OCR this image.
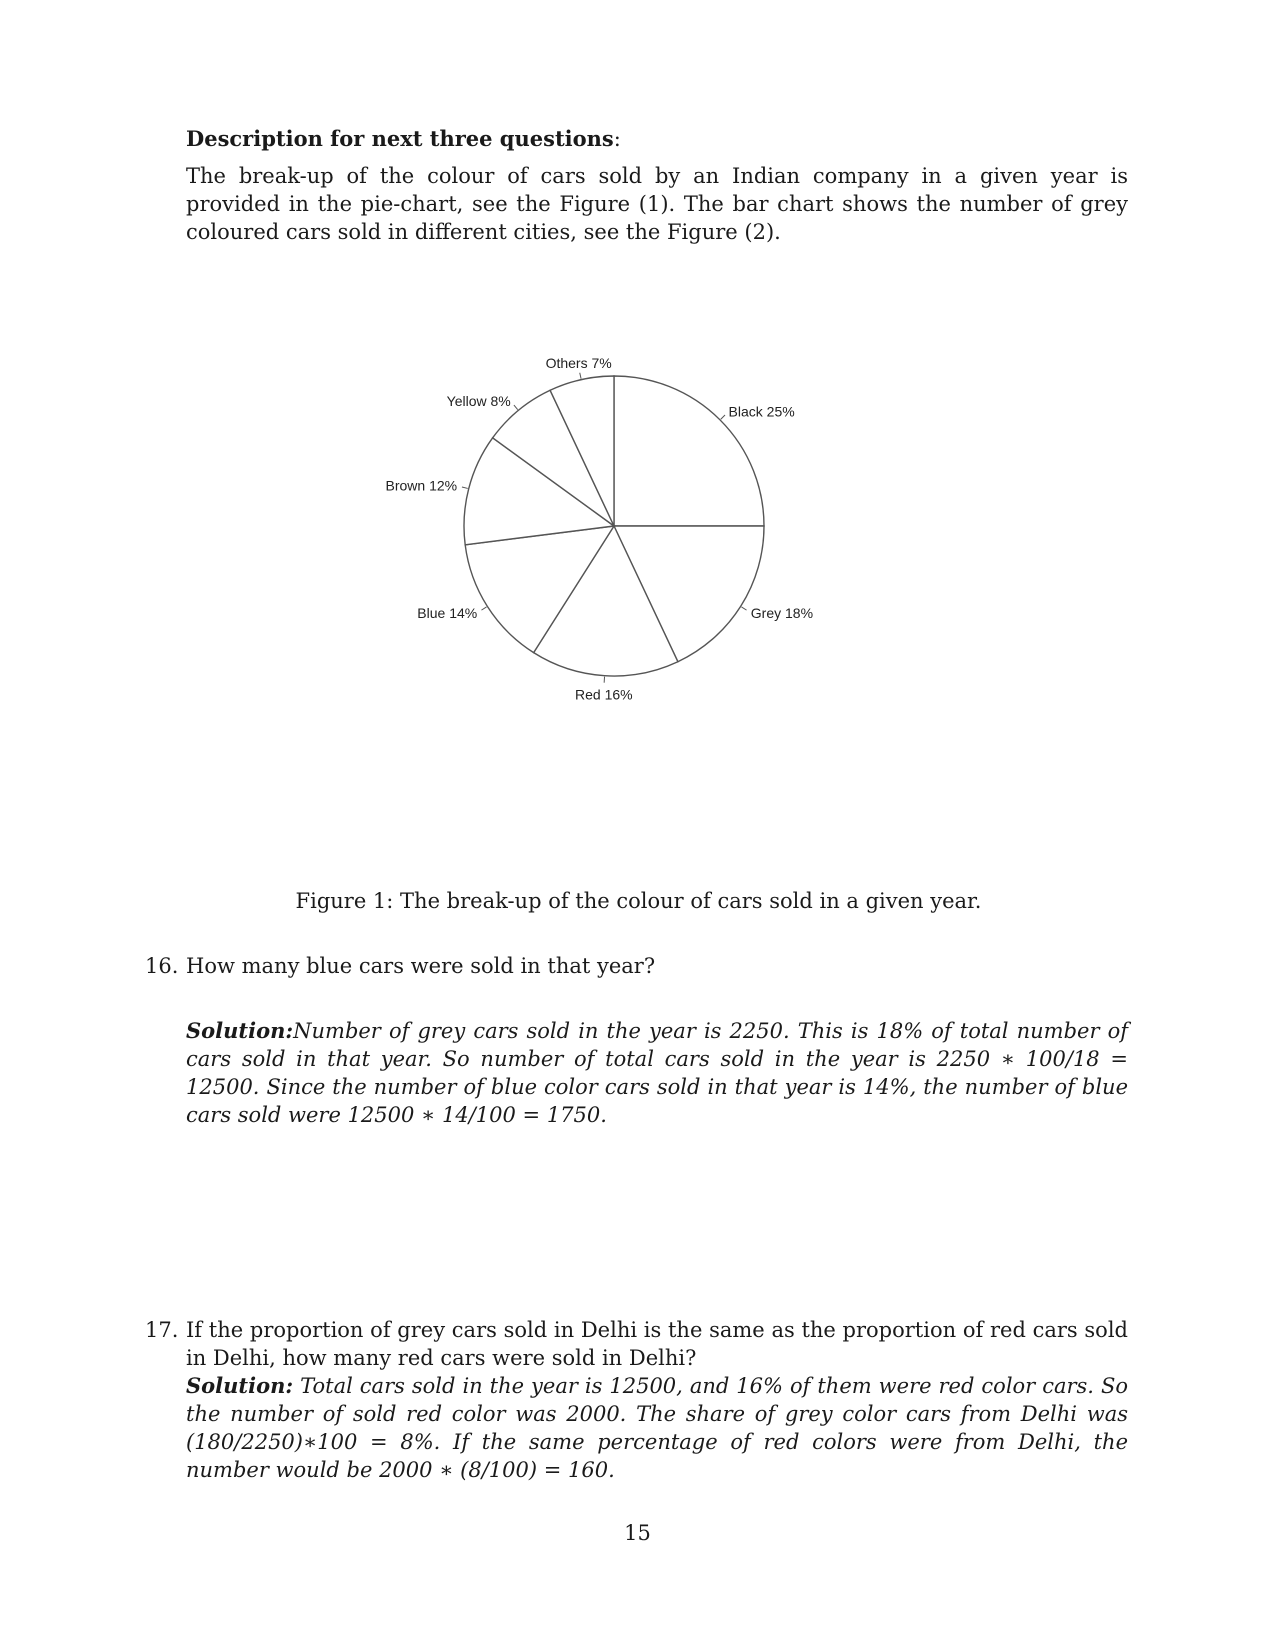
Description for next three questions:
The break-up of the colour of cars sold by an Indian company in a given year is provided in the pie-chart, see the Figure (1). The bar chart shows the number of grey coloured cars sold in different cities, see the Figure (2).
Black 25%
Grey 18%
Red 16%
Blue 14%
Brown 12%
Yellow 8%
Others 7%
Figure 1: The break-up of the colour of cars sold in a given year.
16. How many blue cars were sold in that year?
Solution:Number of grey cars sold in the year is 2250. This is 18% of total number of cars sold in that year. So number of total cars sold in the year is 2250 ∗ 100/18 = 12500. Since the number of blue color cars sold in that year is 14%, the number of blue cars sold were 12500 ∗ 14/100 = 1750.
17. If the proportion of grey cars sold in Delhi is the same as the proportion of red cars sold in Delhi, how many red cars were sold in Delhi?
Solution: Total cars sold in the year is 12500, and 16% of them were red color cars. So the number of sold red color was 2000. The share of grey color cars from Delhi was (180/2250)∗100 = 8%. If the same percentage of red colors were from Delhi, the number would be 2000 ∗ (8/100) = 160.
15
